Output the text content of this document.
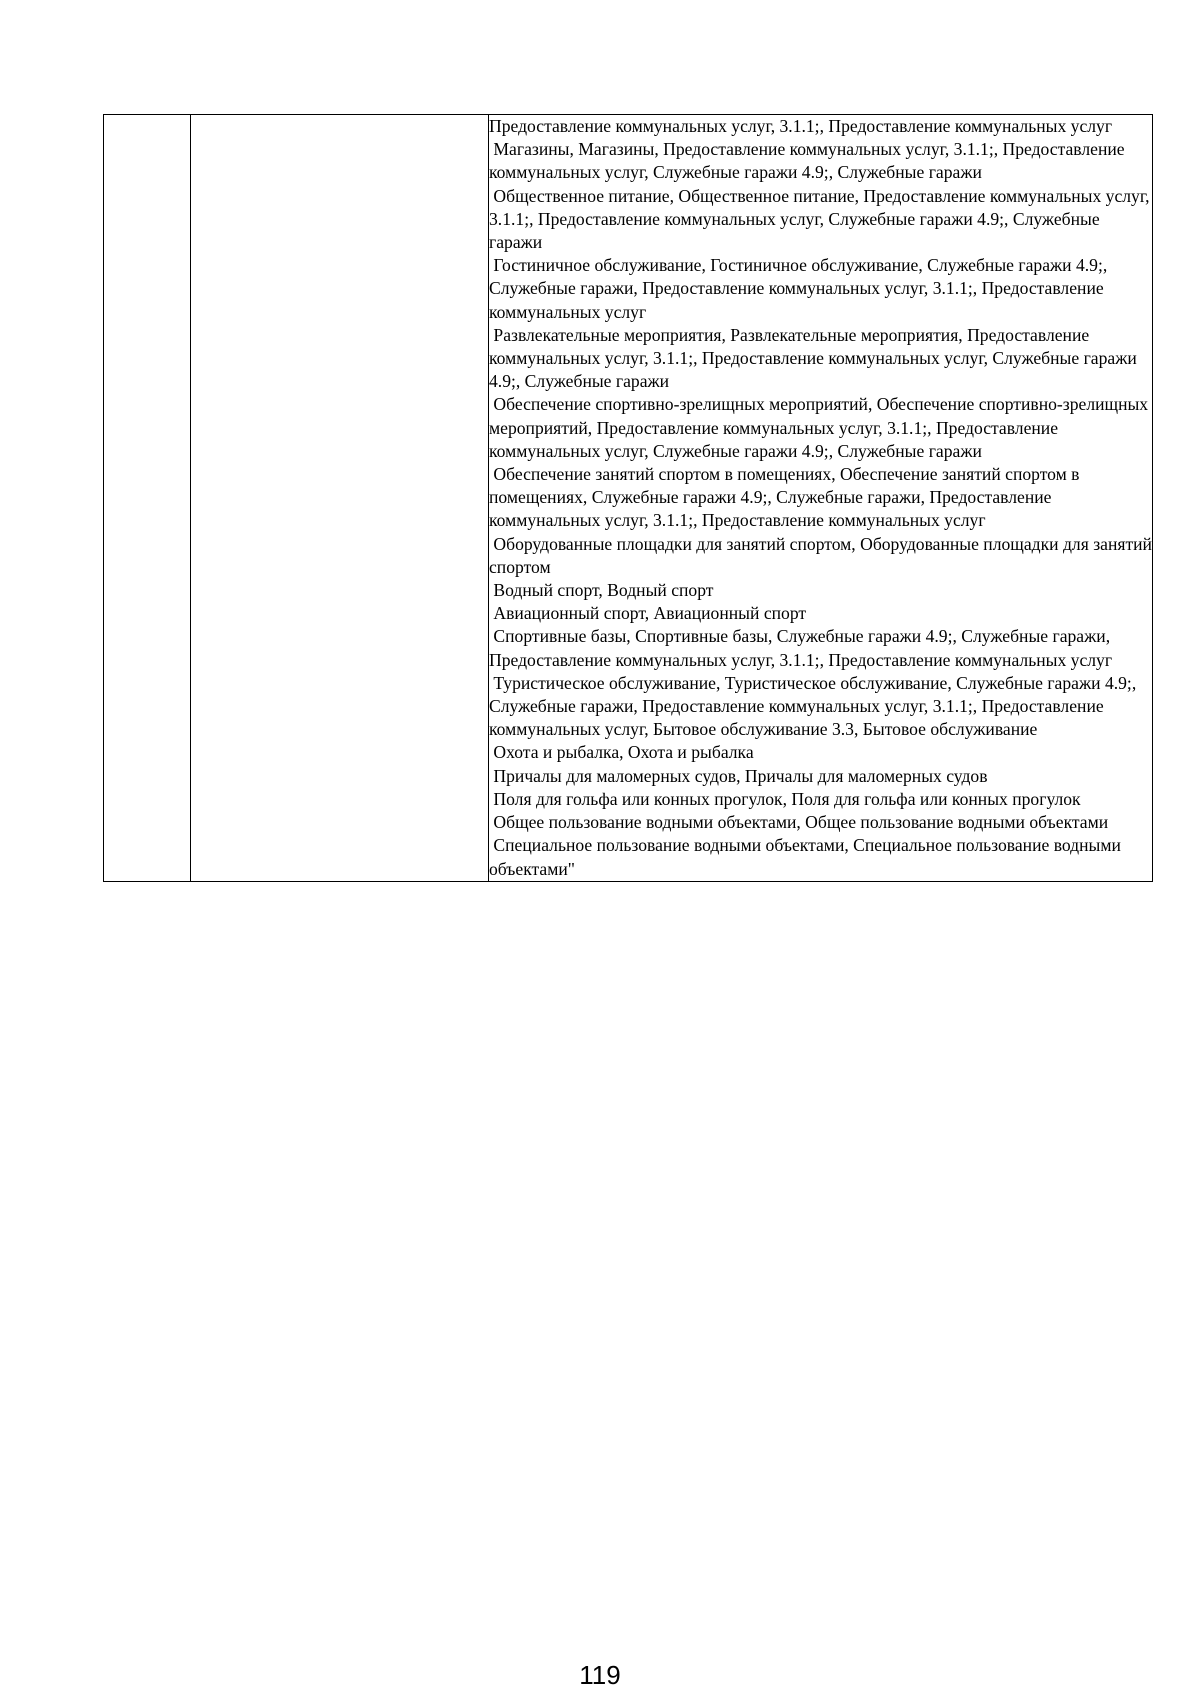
Предоставление коммунальных услуг, 3.1.1;, Предоставление коммунальных услуг
Магазины, Магазины, Предоставление коммунальных услуг, 3.1.1;, Предоставление коммунальных услуг, Служебные гаражи 4.9;, Служебные гаражи
Общественное питание, Общественное питание, Предоставление коммунальных услуг, 3.1.1;, Предоставление коммунальных услуг, Служебные гаражи 4.9;, Служебные гаражи
Гостиничное обслуживание, Гостиничное обслуживание, Служебные гаражи 4.9;, Служебные гаражи, Предоставление коммунальных услуг, 3.1.1;, Предоставление коммунальных услуг
Развлекательные мероприятия, Развлекательные мероприятия, Предоставление коммунальных услуг, 3.1.1;, Предоставление коммунальных услуг, Служебные гаражи 4.9;, Служебные гаражи
Обеспечение спортивно-зрелищных мероприятий, Обеспечение спортивно-зрелищных мероприятий, Предоставление коммунальных услуг, 3.1.1;, Предоставление коммунальных услуг, Служебные гаражи 4.9;, Служебные гаражи
Обеспечение занятий спортом в помещениях, Обеспечение занятий спортом в помещениях, Служебные гаражи 4.9;, Служебные гаражи, Предоставление коммунальных услуг, 3.1.1;, Предоставление коммунальных услуг
Оборудованные площадки для занятий спортом, Оборудованные площадки для занятий спортом
Водный спорт, Водный спорт
Авиационный спорт, Авиационный спорт
Спортивные базы, Спортивные базы, Служебные гаражи 4.9;, Служебные гаражи, Предоставление коммунальных услуг, 3.1.1;, Предоставление коммунальных услуг
Туристическое обслуживание, Туристическое обслуживание, Служебные гаражи 4.9;, Служебные гаражи, Предоставление коммунальных услуг, 3.1.1;, Предоставление коммунальных услуг, Бытовое обслуживание 3.3, Бытовое обслуживание
Охота и рыбалка, Охота и рыбалка
Причалы для маломерных судов, Причалы для маломерных судов
Поля для гольфа или конных прогулок, Поля для гольфа или конных прогулок
Общее пользование водными объектами, Общее пользование водными объектами
Специальное пользование водными объектами, Специальное пользование водными объектами"
119
